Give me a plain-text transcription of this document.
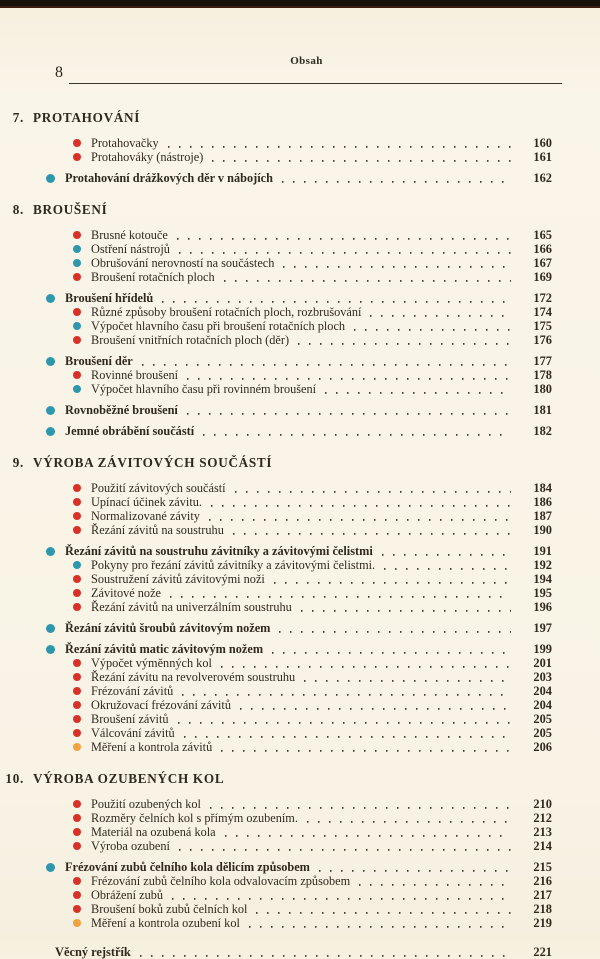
8
Obsah
7. PROTAHOVÁNÍ
Protahovačky	160
Protahováky (nástroje)	161
Protahování drážkových děr v nábojích	162
8. BROUŠENÍ
Brusné kotouče	165
Ostření nástrojů	166
Obrušování nerovností na součástech	167
Broušení rotačních ploch	169
Broušení hřídelů	172
Různé způsoby broušení rotačních ploch, rozbrušování	174
Výpočet hlavního času při broušení rotačních ploch	175
Broušení vnitřních rotačních ploch (děr)	176
Broušení děr	177
Rovinné broušení	178
Výpočet hlavního času při rovinném broušení	180
Rovnoběžné broušení	181
Jemné obrábění součástí	182
9. VÝROBA ZÁVITOVÝCH SOUČÁSTÍ
Použití závitových součástí	184
Upínací účinek závitu.	186
Normalizované závity	187
Řezání závitů na soustruhu	190
Řezání závitů na soustruhu závitníky a závitovými čelistmi	191
Pokyny pro řezání závitů závitníky a závitovými čelistmi.	192
Soustružení závitů závitovými noži	194
Závitové nože	195
Řezání závitů na univerzálním soustruhu	196
Řezání závitů šroubů závitovým nožem	197
Řezání závitů matic závitovým nožem	199
Výpočet výměnných kol	201
Řezání závitu na revolverovém soustruhu	203
Frézování závitů	204
Okružovací frézování závitů	204
Broušení závitů	205
Válcování závitů	205
Měření a kontrola závitů	206
10. VÝROBA OZUBENÝCH KOL
Použití ozubených kol	210
Rozměry čelních kol s přímým ozubením.	212
Materiál na ozubená kola	213
Výroba ozubení	214
Frézování zubů čelního kola dělicím způsobem	215
Frézování zubů čelního kola odvalovacím způsobem	216
Obrážení zubů	217
Broušení boků zubů čelních kol	218
Měření a kontrola ozubení kol	219
Věcný rejstřík	221
